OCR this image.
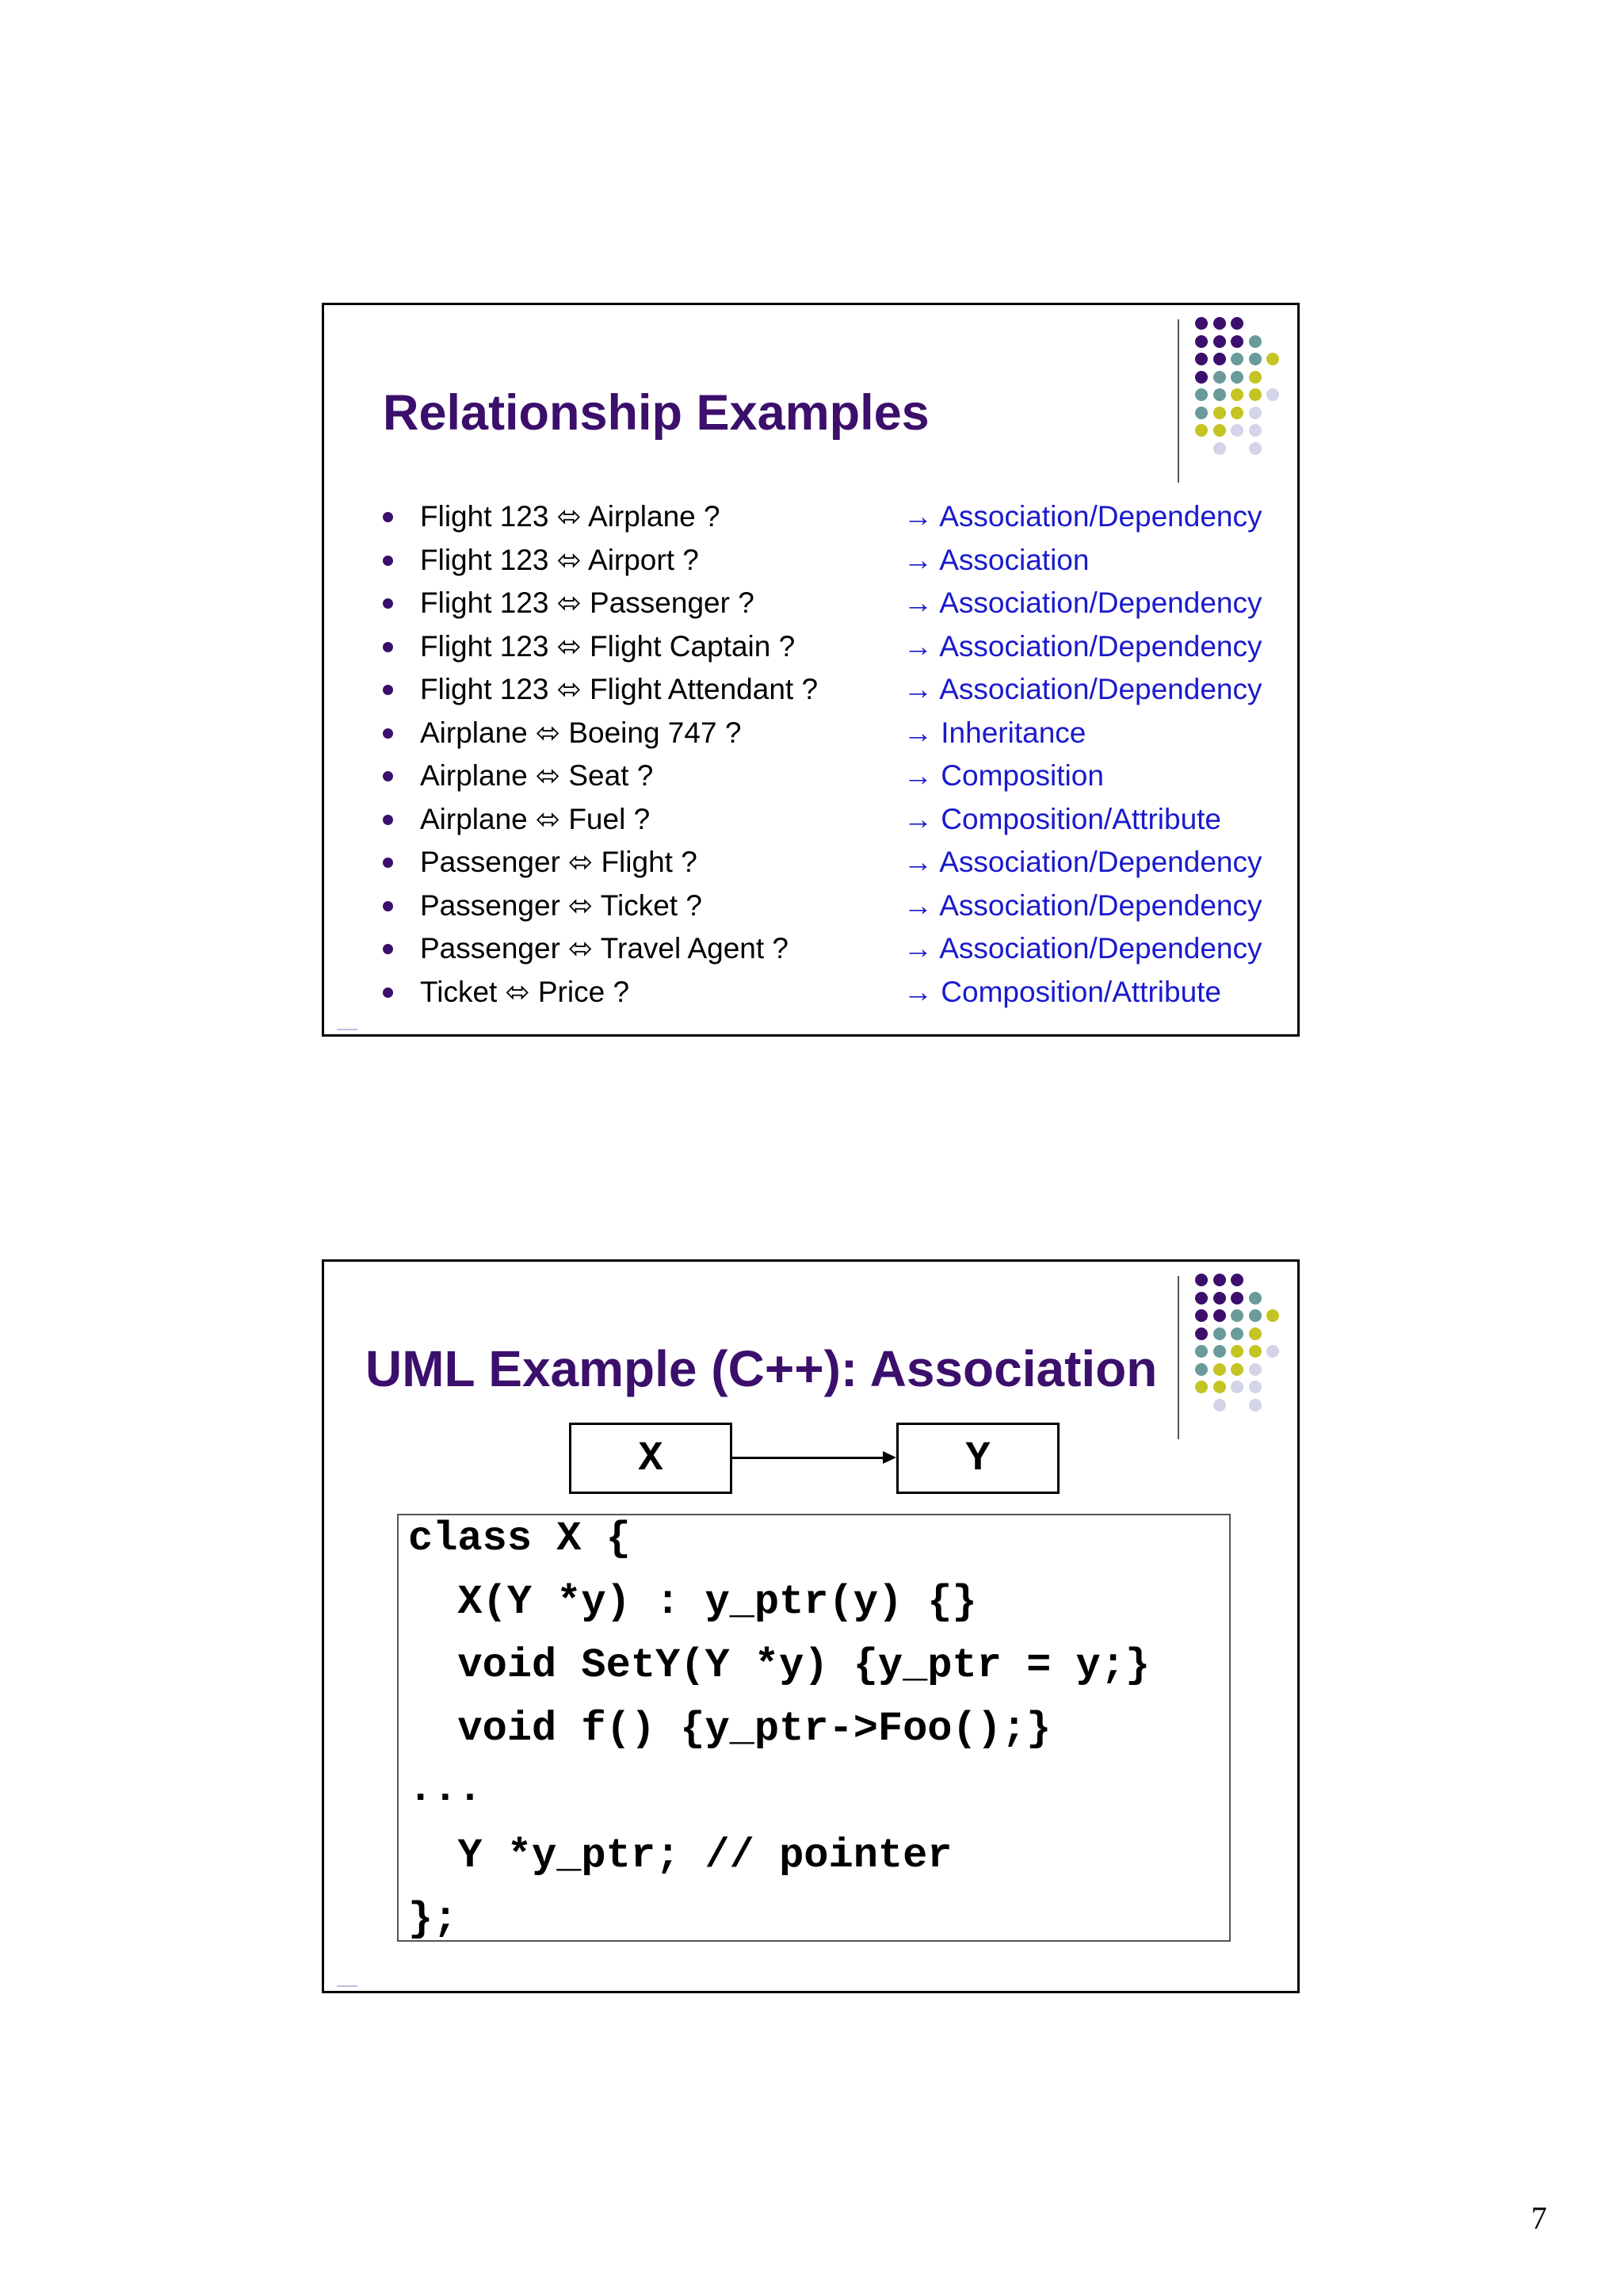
Relationship Examples
Flight 123 ⬄ Airplane ?	→ Association/Dependency
Flight 123 ⬄ Airport ?	→ Association
Flight 123 ⬄ Passenger ?	→ Association/Dependency
Flight 123 ⬄ Flight Captain ?	→ Association/Dependency
Flight 123 ⬄ Flight Attendant ?	→ Association/Dependency
Airplane ⬄ Boeing 747 ?	→ Inheritance
Airplane ⬄ Seat ?	→ Composition
Airplane ⬄ Fuel ?	→ Composition/Attribute
Passenger ⬄ Flight ?	→ Association/Dependency
Passenger ⬄ Ticket ?	→ Association/Dependency
Passenger ⬄ Travel Agent ?	→ Association/Dependency
Ticket ⬄ Price ?	→ Composition/Attribute
UML Example (C++): Association
X	Y
class X {
X(Y *y) : y_ptr(y) {}
void SetY(Y *y) {y_ptr = y;}
void f() {y_ptr->Foo();}
...
Y *y_ptr; // pointer
};
7
